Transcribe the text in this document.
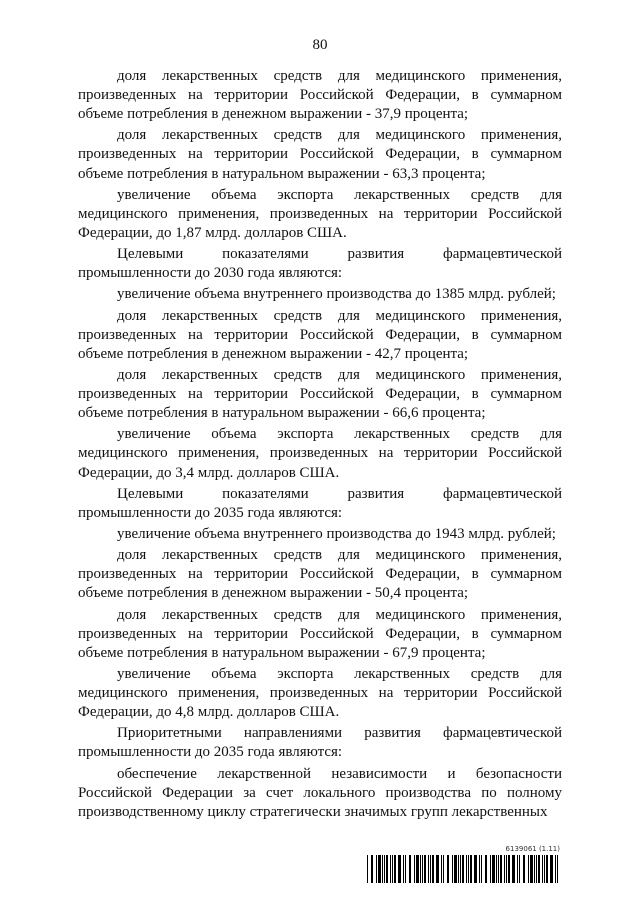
80

доля лекарственных средств для медицинского применения, произведенных на территории Российской Федерации, в суммарном объеме потребления в денежном выражении - 37,9 процента;

доля лекарственных средств для медицинского применения, произведенных на территории Российской Федерации, в суммарном объеме потребления в натуральном выражении - 63,3 процента;

увеличение объема экспорта лекарственных средств для медицинского применения, произведенных на территории Российской Федерации, до 1,87 млрд. долларов США.

Целевыми показателями развития фармацевтической промышленности до 2030 года являются:

увеличение объема внутреннего производства до 1385 млрд. рублей;

доля лекарственных средств для медицинского применения, произведенных на территории Российской Федерации, в суммарном объеме потребления в денежном выражении - 42,7 процента;

доля лекарственных средств для медицинского применения, произведенных на территории Российской Федерации, в суммарном объеме потребления в натуральном выражении - 66,6 процента;

увеличение объема экспорта лекарственных средств для медицинского применения, произведенных на территории Российской Федерации, до 3,4 млрд. долларов США.

Целевыми показателями развития фармацевтической промышленности до 2035 года являются:

увеличение объема внутреннего производства до 1943 млрд. рублей;

доля лекарственных средств для медицинского применения, произведенных на территории Российской Федерации, в суммарном объеме потребления в денежном выражении - 50,4 процента;

доля лекарственных средств для медицинского применения, произведенных на территории Российской Федерации, в суммарном объеме потребления в натуральном выражении - 67,9 процента;

увеличение объема экспорта лекарственных средств для медицинского применения, произведенных на территории Российской Федерации, до 4,8 млрд. долларов США.

Приоритетными направлениями развития фармацевтической промышленности до 2035 года являются:

обеспечение лекарственной независимости и безопасности Российской Федерации за счет локального производства по полному производственному циклу стратегически значимых групп лекарственных

6139061 (1.11)
